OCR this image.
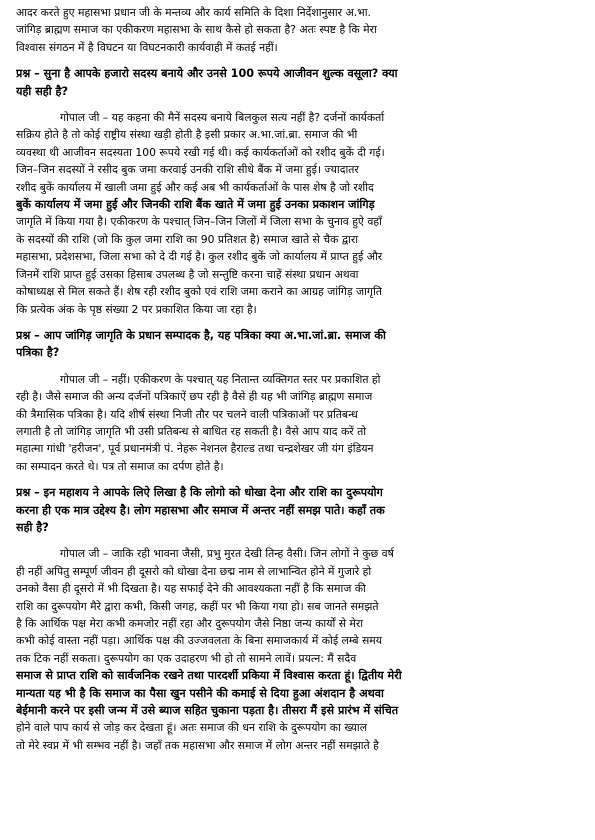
आदर करते हुए महासभा प्रधान जी के मन्तव्य और कार्य समिति के दिशा निर्देशानुसार अ.भा.
जांगिड़ ब्राह्मण समाज का एकीकरण महासभा के साथ कैसे हो सकता है? अतः स्पष्ट है कि मेरा
विश्वास संगठन में है विघटन या विघटनकारी कार्यवाही में कतई नहीं।
प्रश्न – सुना है आपके हजारो सदस्य बनाये और उनसे 100 रूपये आजीवन शुल्क वसूला? क्या
यही सही है?
गोपाल जी – यह कहना की मैनें सदस्य बनाये बिलकुल सत्य नहीं है? दर्जनों कार्यकर्ता
सक्रिय होते है तो कोई राष्ट्रीय संस्था खड़ी होती है इसी प्रकार अ.भा.जां.ब्रा. समाज की भी
व्यवस्था थी आजीवन सदस्यता 100 रूपये रखी गई थी। कई कार्यकर्ताओं को रशीद बुकें दी गई।
जिन–जिन सदस्यों ने रसीद बुक जमा करवाई उनकी राशि सीधे बैंक में जमा हुई। ज्यादातर
रशीद बुकें कार्यालय में खाली जमा हुई और कई अब भी कार्यकर्ताओं के पास शेष है जो रशीद
बुकें कार्यालय में जमा हुई और जिनकी राशि बैंक खाते में जमा हुई उनका प्रकाशन जांगिड़
जागृति में किया गया है। एकीकरण के पश्चात् जिन–जिन जिलों में जिला सभा के चुनाव हुऐ वहाँ
के सदस्यों की राशि (जो कि कुल जमा राशि का 90 प्रतिशत है) समाज खाते से चैक द्वारा
महासभा, प्रदेशसभा, जिला सभा को दे दी गई है। कुल रशीद बुकें जो कार्यालय में प्राप्त हुई और
जिनमें राशि प्राप्त हुई उसका हिसाब उपलब्ध है जो सन्तुष्टि करना चाहें संस्था प्रधान अथवा
कोषाध्यक्ष से मिल सकते हैं। शेष रही रशीद बुको एवं राशि जमा कराने का आग्रह जांगिड़ जागृति
कि प्रत्येक अंक के पृष्ठ संख्या 2 पर प्रकाशित किया जा रहा है।
प्रश्न – आप जांगिड़ जागृति के प्रधान सम्पादक है, यह पत्रिका क्या अ.भा.जां.ब्रा. समाज की
पत्रिका है?
गोपाल जी – नहीं। एकीकरण के पश्चात् यह नितान्त व्यक्तिगत स्तर पर प्रकाशित हो
रही है। जैसे समाज की अन्य दर्जनों पत्रिकाऐं छप रही है वैसे ही यह भी जांगिड़ ब्राह्मण समाज
की त्रैमासिक पत्रिका है। यदि शीर्ष संस्था निजी तौर पर चलने वाली पत्रिकाओं पर प्रतिबन्ध
लगाती है तो जांगिड़ जागृति भी उसी प्रतिबन्ध से बाधित रह सकती है। वैसे आप याद करें तो
महात्मा गांधी 'हरीजन', पूर्व प्रधानमंत्री पं. नेहरू नेशनल हैराल्ड तथा चन्द्रशेखर जी यंग इंडियन
का सम्पादन करते थे। पत्र तो समाज का दर्पण होते है।
प्रश्न – इन महाशय ने आपके लिऐ लिखा है कि लोगो को धोखा देना और राशि का दुरूपयोग
करना ही एक मात्र उद्देश्य है। लोग महासभा और समाज में अन्तर नहीं समझ पाते। कहाँ तक
सही है?
गोपाल जी – जाकि रही भावना जैसी, प्रभु मुरत देखी तिन्ह वैसी। जिन लोगों ने कुछ वर्ष
ही नहीं अपितु सम्पूर्ण जीवन ही दूसरो को धोखा देना छद्म नाम से लाभान्वित होने में गुजारे हो
उनको वैसा ही दूसरो में भी दिखता है। यह सफाई देने की आवश्यकता नहीं है कि समाज की
राशि का दुरूपयोग मैरे द्वारा कभी, किसी जगह, कहीं पर भी किया गया हो। सब जानते समझते
है कि आर्थिक पक्ष मेरा कभी कमजोर नहीं रहा और दुरूपयोग जैसे निष्ठा जन्य कार्यों से मेरा
कभी कोई वास्ता नहीं पड़ा। आर्थिक पक्ष की उज्जवलता के बिना समाजकार्य में कोई लम्बे समय
तक टिक नहीं सकता। दुरूपयोग का एक उदाहरण भी हो तो सामने लावें। प्रयत्न: मैं सदैव
समाज से प्राप्त राशि को सार्वजनिक रखने तथा पारदर्शी प्रकिया में विश्वास करता हूं। द्वितीय मेरी
मान्यता यह भी है कि समाज का पैसा खुन पसीने की कमाई से दिया हुआ अंशदान है अथवा
बेईमानी करने पर इसी जन्म में उसे ब्याज सहित चुकाना पड़ता है। तीसरा मैं इसे प्रारंभ में संचित
होने वाले पाप कार्य से जोड़ कर देखता हूं। अतः समाज की धन राशि के दुरूपयोग का ख्याल
तो मेरे स्वप्न में भी सम्भव नहीं है। जहाँ तक महासभा और समाज में लोग अन्तर नहीं समझाते है
